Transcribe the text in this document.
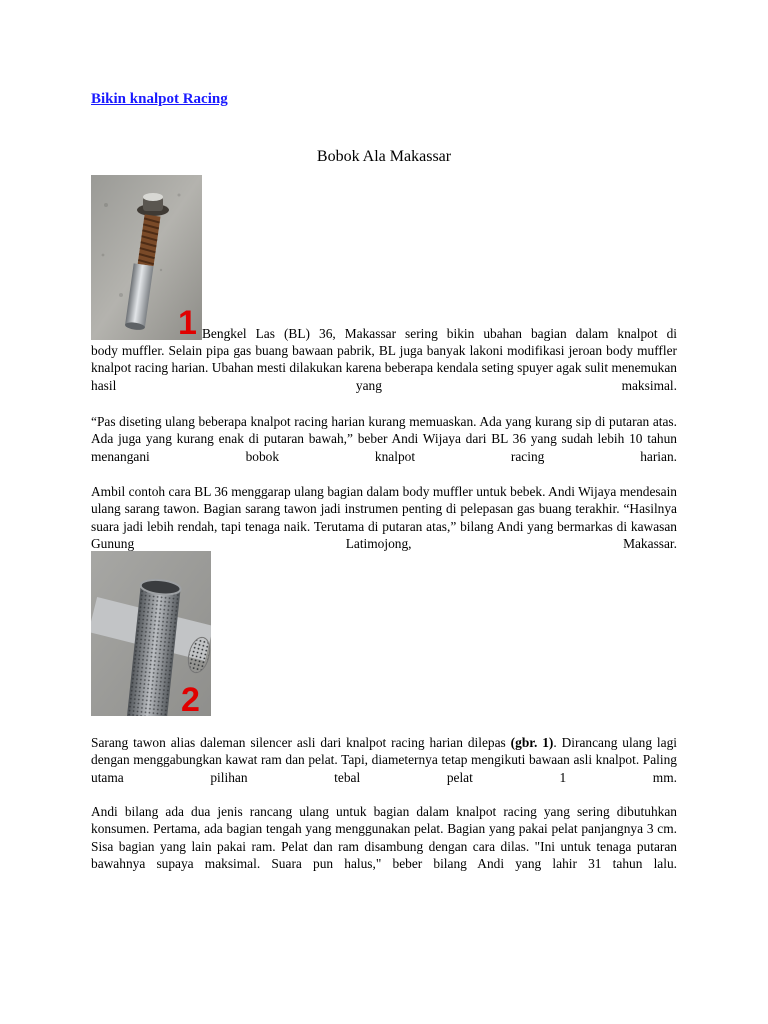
Bikin knalpot Racing
Bobok Ala Makassar
1 Bengkel Las (BL) 36, Makassar sering bikin ubahan bagian dalam knalpot di

body muffler. Selain pipa gas buang bawaan pabrik, BL juga banyak lakoni modifikasi jeroan body muffler knalpot racing harian. Ubahan mesti dilakukan karena beberapa kendala seting spuyer agak sulit menemukan hasil yang maksimal.

“Pas diseting ulang beberapa knalpot racing harian kurang memuaskan. Ada yang kurang sip di putaran atas. Ada juga yang kurang enak di putaran bawah,” beber Andi Wijaya dari BL 36 yang sudah lebih 10 tahun menangani bobok knalpot racing harian.

Ambil contoh cara BL 36 menggarap ulang bagian dalam body muffler untuk bebek. Andi Wijaya mendesain ulang sarang tawon. Bagian sarang tawon jadi instrumen penting di pelepasan gas buang terakhir. “Hasilnya suara jadi lebih rendah, tapi tenaga naik. Terutama di putaran atas,” bilang Andi yang bermarkas di kawasan Gunung Latimojong, Makassar.

2

Sarang tawon alias daleman silencer asli dari knalpot racing harian dilepas (gbr. 1). Dirancang ulang lagi dengan menggabungkan kawat ram dan pelat. Tapi, diameternya tetap mengikuti bawaan asli knalpot. Paling utama pilihan tebal pelat 1 mm.

Andi bilang ada dua jenis rancang ulang untuk bagian dalam knalpot racing yang sering dibutuhkan konsumen. Pertama, ada bagian tengah yang menggunakan pelat. Bagian yang pakai pelat panjangnya 3 cm. Sisa bagian yang lain pakai ram. Pelat dan ram disambung dengan cara dilas. "Ini untuk tenaga putaran bawahnya supaya maksimal. Suara pun halus," beber bilang Andi yang lahir 31 tahun lalu.
